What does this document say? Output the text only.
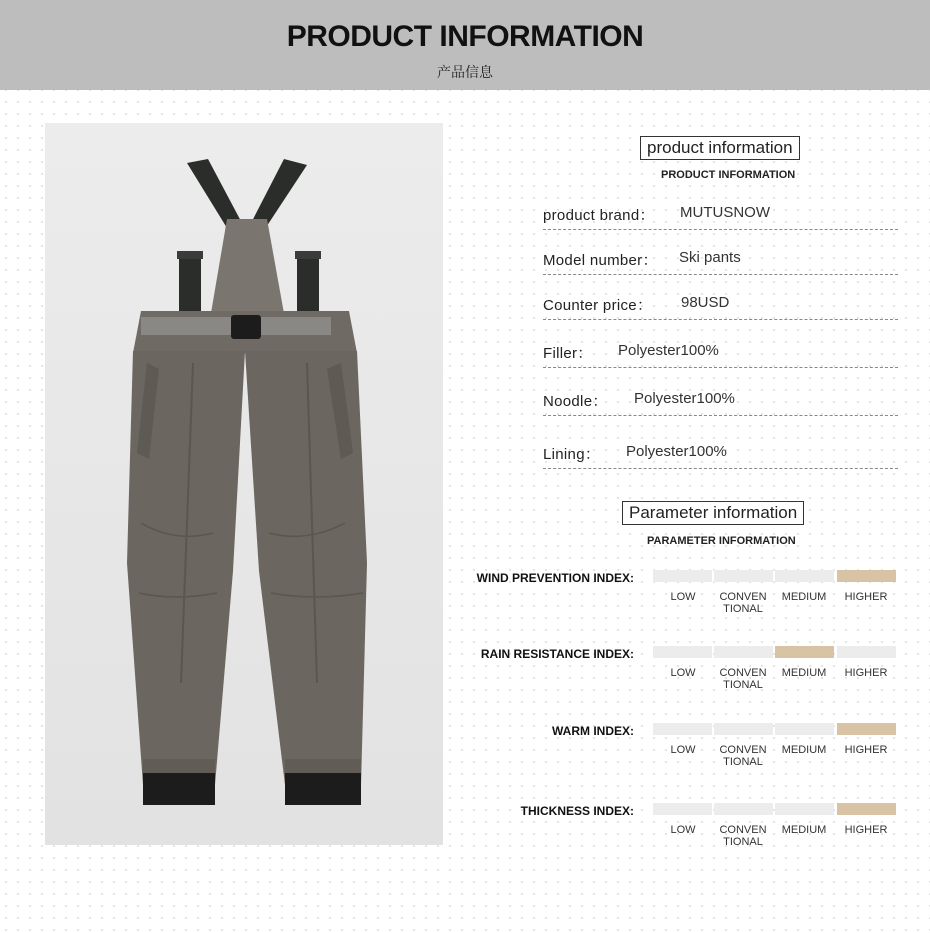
PRODUCT INFORMATION
产品信息
product information
PRODUCT INFORMATION
product brand： MUTUSNOW
Model number： Ski pants
Counter price： 98USD
Filler： Polyester100%
Noodle： Polyester100%
Lining： Polyester100%
Parameter information
PARAMETER INFORMATION
WIND PREVENTION INDEX:
LOW	CONVEN
TIONAL
MEDIUM	HIGHER
RAIN RESISTANCE INDEX:
LOW	CONVEN
TIONAL
MEDIUM	HIGHER
WARM INDEX:
LOW	CONVEN
TIONAL
MEDIUM	HIGHER
THICKNESS INDEX:
LOW	CONVEN
TIONAL
MEDIUM	HIGHER
